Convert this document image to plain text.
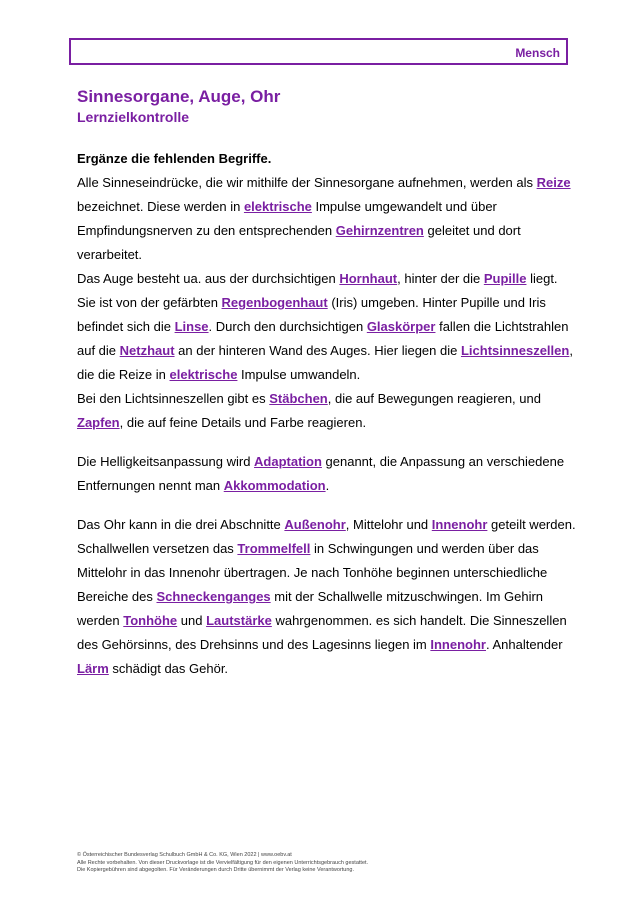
Mensch
Sinnesorgane, Auge, Ohr
Lernzielkontrolle
Ergänze die fehlenden Begriffe.

Alle Sinneseindrücke, die wir mithilfe der Sinnesorgane aufnehmen, werden als Reize bezeichnet. Diese werden in elektrische Impulse umgewandelt und über Empfindungsnerven zu den entsprechenden Gehirnzentren geleitet und dort verarbeitet.

Das Auge besteht ua. aus der durchsichtigen Hornhaut, hinter der die Pupille liegt. Sie ist von der gefärbten Regenbogenhaut (Iris) umgeben. Hinter Pupille und Iris befindet sich die Linse. Durch den durchsichtigen Glaskörper fallen die Lichtstrahlen auf die Netzhaut an der hinteren Wand des Auges. Hier liegen die Lichtsinneszellen, die die Reize in elektrische Impulse umwandeln.

Bei den Lichtsinneszellen gibt es Stäbchen, die auf Bewegungen reagieren, und Zapfen, die auf feine Details und Farbe reagieren.

Die Helligkeitsanpassung wird Adaptation genannt, die Anpassung an verschiedene Entfernungen nennt man Akkommodation.

Das Ohr kann in die drei Abschnitte Außenohr, Mittelohr und Innenohr geteilt werden. Schallwellen versetzen das Trommelfell in Schwingungen und werden über das Mittelohr in das Innenohr übertragen. Je nach Tonhöhe beginnen unterschiedliche Bereiche des Schneckenganges mit der Schallwelle mitzuschwingen. Im Gehirn werden Tonhöhe und Lautstärke wahrgenommen. es sich handelt. Die Sinneszellen des Gehörsinns, des Drehsinns und des Lagesinns liegen im Innenohr. Anhaltender Lärm schädigt das Gehör.

© Österreichischer Bundesverlag Schulbuch GmbH & Co. KG, Wien 2022 | www.oebv.at
Alle Rechte vorbehalten. Von dieser Druckvorlage ist die Vervielfältigung für den eigenen Unterrichtsgebrauch gestattet.
Die Kopiergebühren sind abgegolten. Für Veränderungen durch Dritte übernimmt der Verlag keine Verantwortung.
